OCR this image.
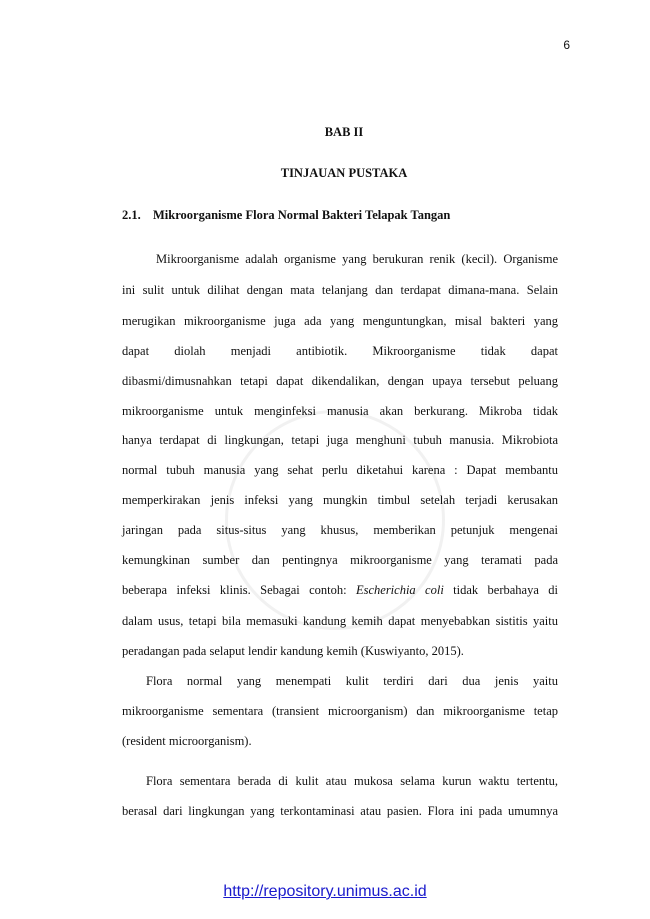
6
BAB II
TINJAUAN PUSTAKA
2.1. Mikroorganisme Flora Normal Bakteri Telapak Tangan
Mikroorganisme adalah organisme yang berukuran renik (kecil). Organisme
ini sulit untuk dilihat dengan mata telanjang dan terdapat dimana-mana. Selain
merugikan mikroorganisme juga ada yang menguntungkan, misal bakteri yang
dapat diolah menjadi antibiotik. Mikroorganisme tidak dapat
dibasmi/dimusnahkan tetapi dapat dikendalikan, dengan upaya tersebut peluang
mikroorganisme untuk menginfeksi manusia akan berkurang. Mikroba tidak
hanya terdapat di lingkungan, tetapi juga menghuni tubuh manusia. Mikrobiota
normal tubuh manusia yang sehat perlu diketahui karena : Dapat membantu
memperkirakan jenis infeksi yang mungkin timbul setelah terjadi kerusakan
jaringan pada situs-situs yang khusus, memberikan petunjuk mengenai
kemungkinan sumber dan pentingnya mikroorganisme yang teramati pada
beberapa infeksi klinis. Sebagai contoh: Escherichia coli tidak berbahaya di
dalam usus, tetapi bila memasuki kandung kemih dapat menyebabkan sistitis yaitu
peradangan pada selaput lendir kandung kemih (Kuswiyanto, 2015).
Flora normal yang menempati kulit terdiri dari dua jenis yaitu
mikroorganisme sementara (transient microorganism) dan mikroorganisme tetap
(resident microorganism).
Flora sementara berada di kulit atau mukosa selama kurun waktu tertentu,
berasal dari lingkungan yang terkontaminasi atau pasien. Flora ini pada umumnya
http://repository.unimus.ac.id
